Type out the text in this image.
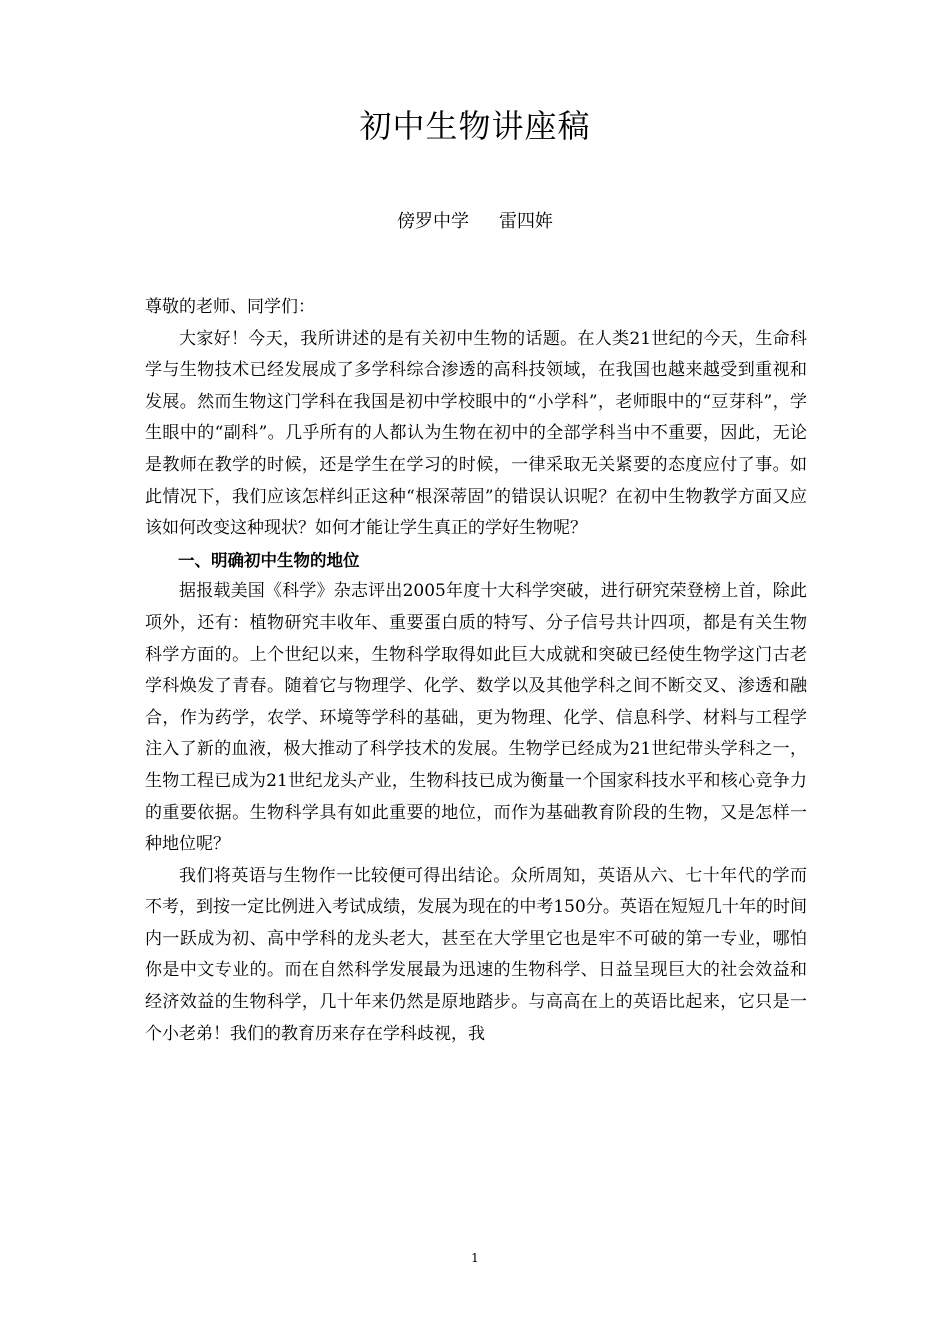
初中生物讲座稿
傍罗中学 雷四姩

尊敬的老师、同学们：

大家好！今天，我所讲述的是有关初中生物的话题。在人类21世纪的今天，生命科学与生物技术已经发展成了多学科综合渗透的高科技领域，在我国也越来越受到重视和发展。然而生物这门学科在我国是初中学校眼中的“小学科”，老师眼中的“豆芽科”，学生眼中的“副科”。几乎所有的人都认为生物在初中的全部学科当中不重要，因此，无论是教师在教学的时候，还是学生在学习的时候，一律采取无关紧要的态度应付了事。如此情况下，我们应该怎样纠正这种“根深蒂固”的错误认识呢？在初中生物教学方面又应该如何改变这种现状？如何才能让学生真正的学好生物呢？

一、明确初中生物的地位

据报载美国《科学》杂志评出2005年度十大科学突破，进行研究荣登榜上首，除此项外，还有：植物研究丰收年、重要蛋白质的特写、分子信号共计四项，都是有关生物科学方面的。上个世纪以来，生物科学取得如此巨大成就和突破已经使生物学这门古老学科焕发了青春。随着它与物理学、化学、数学以及其他学科之间不断交叉、渗透和融合，作为药学，农学、环境等学科的基础，更为物理、化学、信息科学、材料与工程学注入了新的血液，极大推动了科学技术的发展。生物学已经成为21世纪带头学科之一，生物工程已成为21世纪龙头产业，生物科技已成为衡量一个国家科技水平和核心竞争力的重要依据。生物科学具有如此重要的地位，而作为基础教育阶段的生物，又是怎样一种地位呢？

我们将英语与生物作一比较便可得出结论。众所周知，英语从六、七十年代的学而不考，到按一定比例进入考试成绩，发展为现在的中考150分。英语在短短几十年的时间内一跃成为初、高中学科的龙头老大，甚至在大学里它也是牢不可破的第一专业，哪怕你是中文专业的。而在自然科学发展最为迅速的生物科学、日益呈现巨大的社会效益和经济效益的生物科学，几十年来仍然是原地踏步。与高高在上的英语比起来，它只是一个小老弟！我们的教育历来存在学科歧视，我

1
